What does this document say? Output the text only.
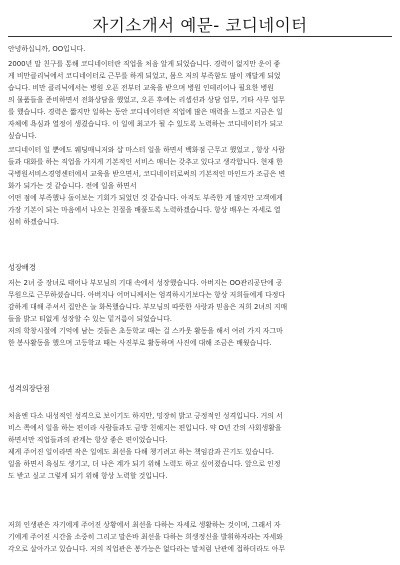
자기소개서 예문- 코디네이터
안녕하십니까, OO입니다.
2000년 말 친구를 통해 코디네이터란 직업을 처음 알게 되었습니다. 경력이 없지만 운이 좋
게 비만클리닉에서 코디네이터로 근무를 하게 되었고, 몸으 저의 부족함도 많이 깨달게 되었
습니다. 비만 클리닉에서는 병원 오픈 전부터 교육을 받으며 병원 인테리어나 필요한 병원
의 물품들을 준비하면서 전화상담을 했었고, 오픈 후에는 리셉션과 상담 업무, 기타 사무 업무
를 했습니다. 경력은 짧지만 일하는 동안 코디네이터란 직업에 많은 매력을 느꼈고 지금은 일
자체에 욕심과 열정이 생겼습니다. 이 일에 최고가 될 수 있도록 노력하는 코디네이터가 되고
싶습니다.
코디네이터 일 뿐에도 웨딩매니저와 샵 마스터 일을 하면서 백화점 근무고 했었고 , 항상 사람
들과 대화를 하는 직업을 가지게 기본적인 서비스 매너는 갖추고 있다고 생각합니다. 현재 한
국병원서비스경영센터에서 교육을 받으면서, 코디네이터로써의 기본적인 마인드가 조금은 변
화가 되가는 것 같습니다. 전에 일을 하면서
어떤 점에 부족했나 돌이보는 기회가 되었던 것 같습니다. 아직도 부족한 게 많지만 고객에게
가장 기본이 되는 마음에서 나오는 친절을 배풀도록 노력하겠습니다. 항상 배우는 자세로 열
심히 하겠습니다.
성장배경
저는 2녀 중 장녀로 태어나 부모님의 기대 속에서 성장했습니다. 아버지는 OO관리공단에 공
무원으로 근무하셨습니다. 아버지나 어머니께서는 엄격하시기보다는 항상 저희들에게 다정다
감하게 대해 주셔서 집안은 늘 화목했습니다. 부모님의 따뜻한 사랑과 믿음은 저희 2녀의 지매
들을 밝고 티없게 성장할 수 있는 밑거름이 되었습니다.
저의 학창시절에 기억에 남는 것들은 초등학교 때는 걸 스카웃 활동을 해서 여러 가지 자그마
한 봉사활동을 했으며 고등학교 때는 사진부로 활동하며 사진에 대해 조금은 배웠습니다.
성격의장단점
처음엔 다소 내성적인 성격으로 보이기도 하지만, 밍장히 밝고 긍정적인 성격입니다. 거의 서
비스 쪽에서 일을 하는 편이라 사람들과도 금방 친해지는 편입니다. 약 О년 간의 사회생활을
하면서만 직업들과의 관계는 항상 좋은 편이었습니다.
제게 주어진 일이라면 작은 일에도 최선을 다해 챙기려고 하는 책임감과 끈기도 있습니다.
일을 하면서 욕심도 생기고, 더 나은 계가 되기 위해 노력도 하고 싶어졌습니다. 앞으로 인정
도 받고 싶고 그렇게 되기 위해 항상 노력할 것입니다.
저희 인생관은 자기에게 주어진 상황에서 최선을 다하는 자세로 생활하는 것이며, 그래서 자
기에게 주어진 시간을 소중히 그리고 말은바 최선을 다하는 희생정신을 발휘하자라는 자세와
각오로 살아가고 있습니다. 저의 직업관은 봉가능은 없다라는 말처럼 난관에 접하더라도 아무
